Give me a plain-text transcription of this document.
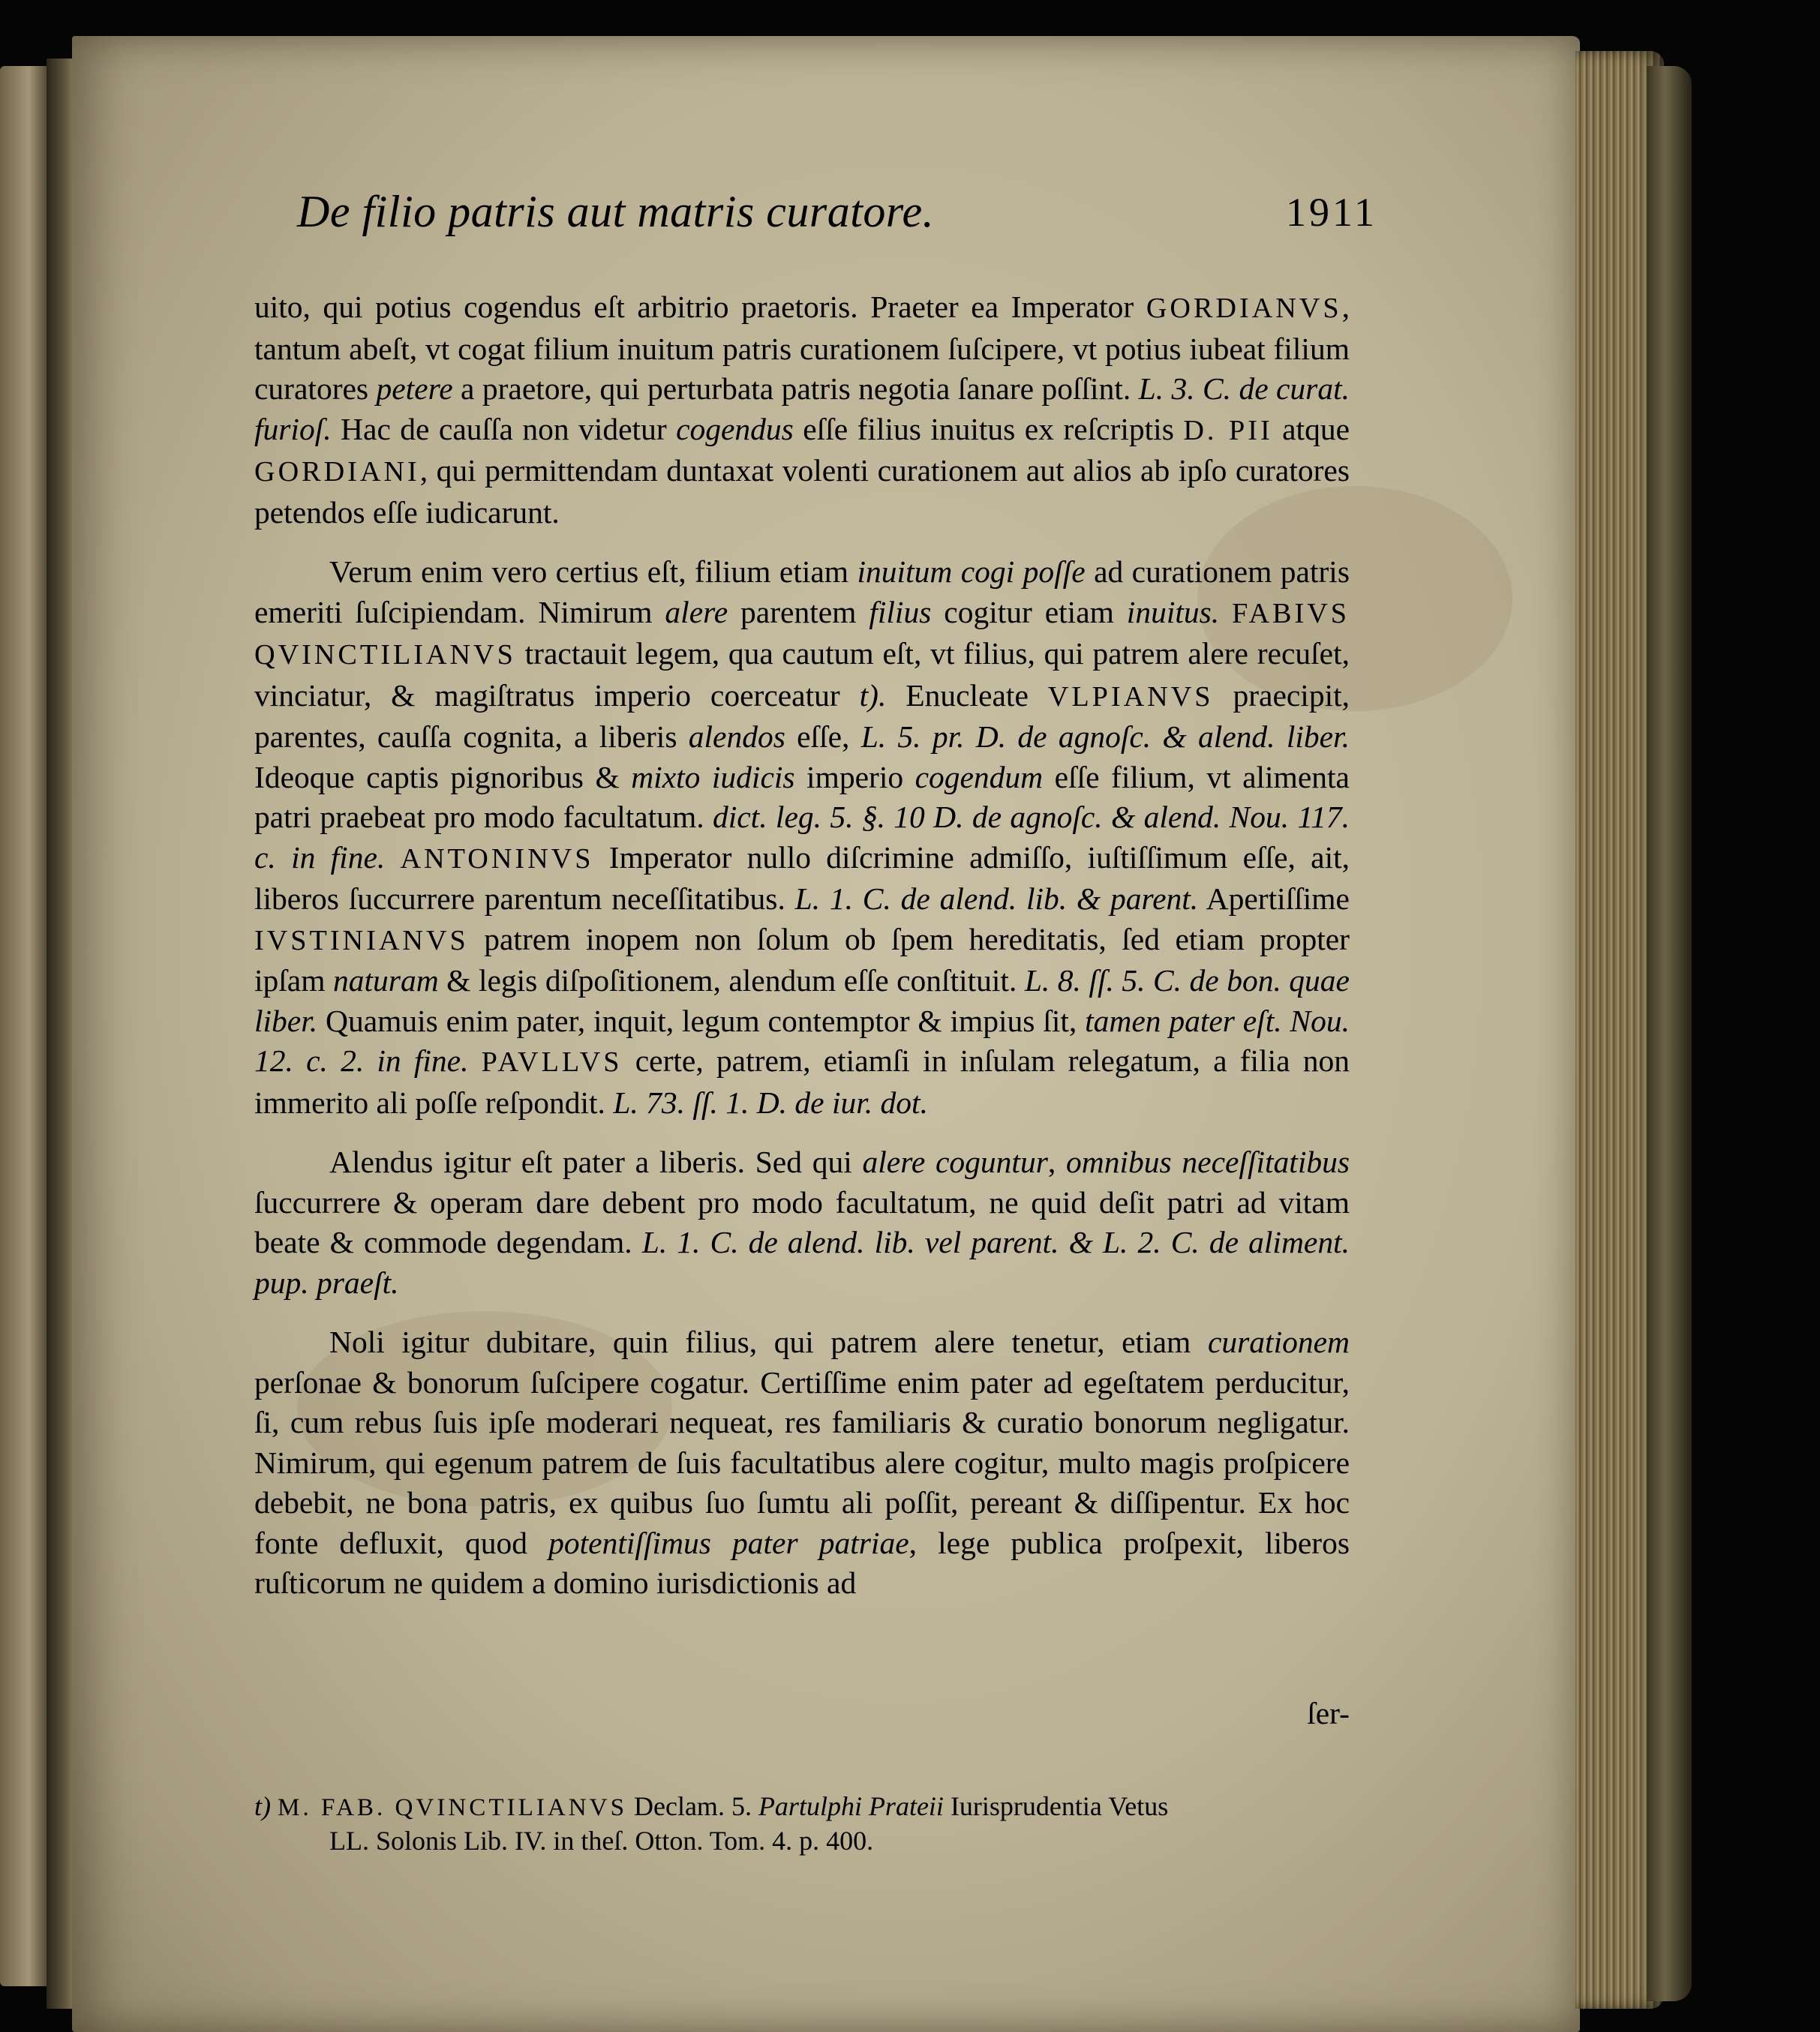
De filio patris aut matris curatore.	1911

uito, qui potius cogendus eſt arbitrio praetoris. Praeter ea Imperator GORDIANVS, tantum abeſt, vt cogat filium inuitum patris curationem ſuſcipere, vt potius iubeat filium curatores petere a praetore, qui perturbata patris negotia ſanare poſſint. L. 3. C. de curat. furioſ. Hac de cauſſa non videtur cogendus eſſe filius inuitus ex reſcriptis D. PII atque GORDIANI, qui permittendam duntaxat volenti curationem aut alios ab ipſo curatores petendos eſſe iudicarunt.

Verum enim vero certius eſt, filium etiam inuitum cogi poſſe ad curationem patris emeriti ſuſcipiendam. Nimirum alere parentem filius cogitur etiam inuitus. FABIVS QVINCTILIANVS tractauit legem, qua cautum eſt, vt filius, qui patrem alere recuſet, vinciatur, & magiſtratus imperio coerceatur t). Enucleate VLPIANVS praecipit, parentes, cauſſa cognita, a liberis alendos eſſe, L. 5. pr. D. de agnoſc. & alend. liber. Ideoque captis pignoribus & mixto iudicis imperio cogendum eſſe filium, vt alimenta patri praebeat pro modo facultatum. dict. leg. 5. §. 10 D. de agnoſc. & alend. Nou. 117. c. in fine. ANTONINVS Imperator nullo diſcrimine admiſſo, iuſtiſſimum eſſe, ait, liberos ſuccurrere parentum neceſſitatibus. L. 1. C. de alend. lib. & parent. Apertiſſime IVSTINIANVS patrem inopem non ſolum ob ſpem hereditatis, ſed etiam propter ipſam naturam & legis diſpoſitionem, alendum eſſe conſtituit. L. 8. ſſ. 5. C. de bon. quae liber. Quamuis enim pater, inquit, legum contemptor & impius ſit, tamen pater eſt. Nou. 12. c. 2. in fine. PAVLLVS certe, patrem, etiamſi in inſulam relegatum, a filia non immerito ali poſſe reſpondit. L. 73. ſſ. 1. D. de iur. dot.

Alendus igitur eſt pater a liberis. Sed qui alere coguntur, omnibus neceſſitatibus ſuccurrere & operam dare debent pro modo facultatum, ne quid deſit patri ad vitam beate & commode degendam. L. 1. C. de alend. lib. vel parent. & L. 2. C. de aliment. pup. praeſt.

Noli igitur dubitare, quin filius, qui patrem alere tenetur, etiam curationem perſonae & bonorum ſuſcipere cogatur. Certiſſime enim pater ad egeſtatem perducitur, ſi, cum rebus ſuis ipſe moderari nequeat, res familiaris & curatio bonorum negligatur. Nimirum, qui egenum patrem de ſuis facultatibus alere cogitur, multo magis proſpicere debebit, ne bona patris, ex quibus ſuo ſumtu ali poſſit, pereant & diſſipentur. Ex hoc fonte defluxit, quod potentiſſimus pater patriae, lege publica proſpexit, liberos ruſticorum ne quidem a domino iurisdictionis ad

ſer-
t) M. FAB. QVINCTILIANVS Declam. 5. Partulphi Prateii Iurisprudentia Vetus
LL. Solonis Lib. IV. in theſ. Otton. Tom. 4. p. 400.
